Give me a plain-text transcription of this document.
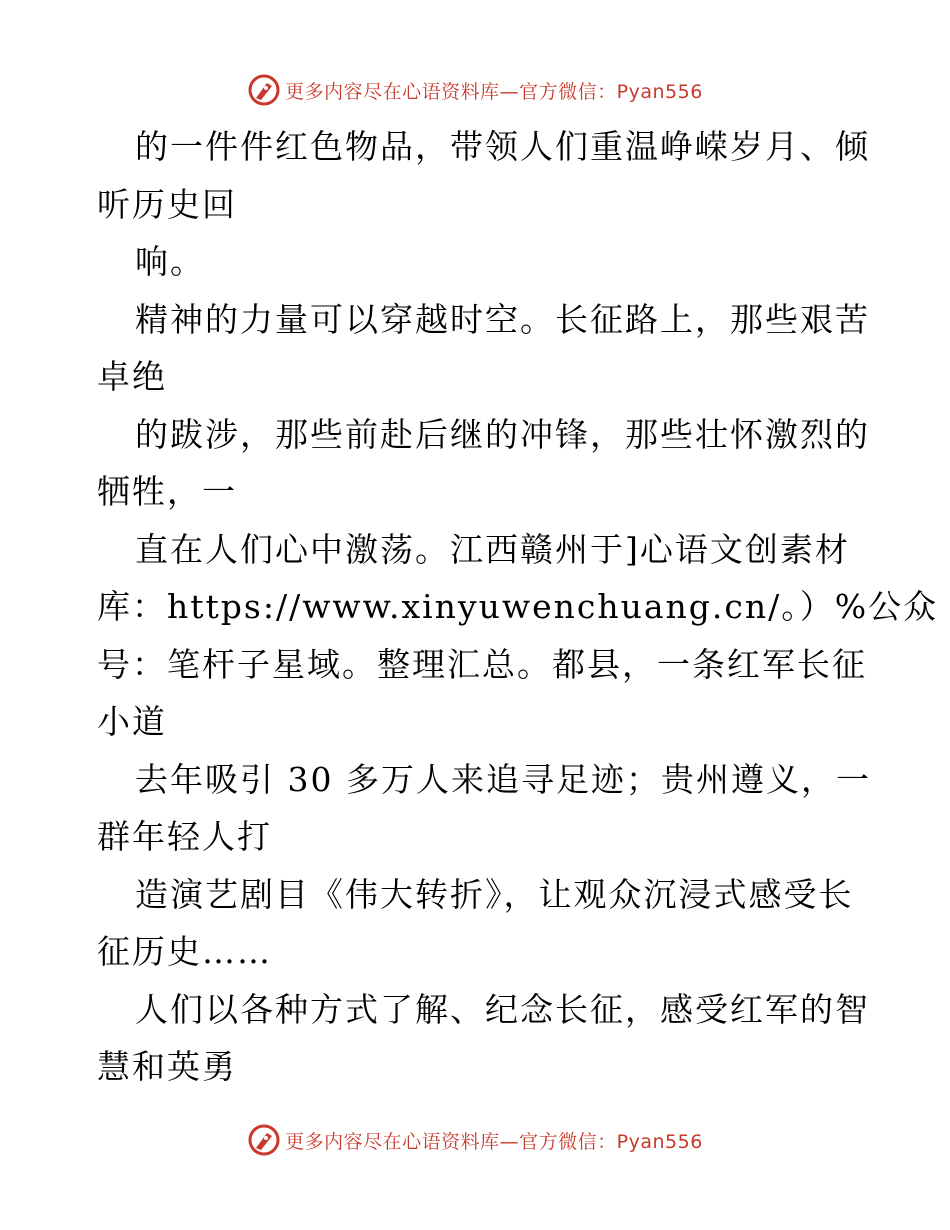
更多内容尽在心语资料库—官方微信：Pyan556
的一件件红色物品，带领人们重温峥嵘岁月、倾
听历史回
响。
精神的力量可以穿越时空。长征路上，那些艰苦
卓绝
的跋涉，那些前赴后继的冲锋，那些壮怀激烈的
牺牲，一
直在人们心中激荡。江西赣州于]心语文创素材
库：https://www.xinyuwenchuang.cn/。）%公众
号：笔杆子星域。整理汇总。都县，一条红军长征
小道
去年吸引 30 多万人来追寻足迹；贵州遵义，一
群年轻人打
造演艺剧目《伟大转折》，让观众沉浸式感受长
征历史……
人们以各种方式了解、纪念长征，感受红军的智
慧和英勇
更多内容尽在心语资料库—官方微信：Pyan556
